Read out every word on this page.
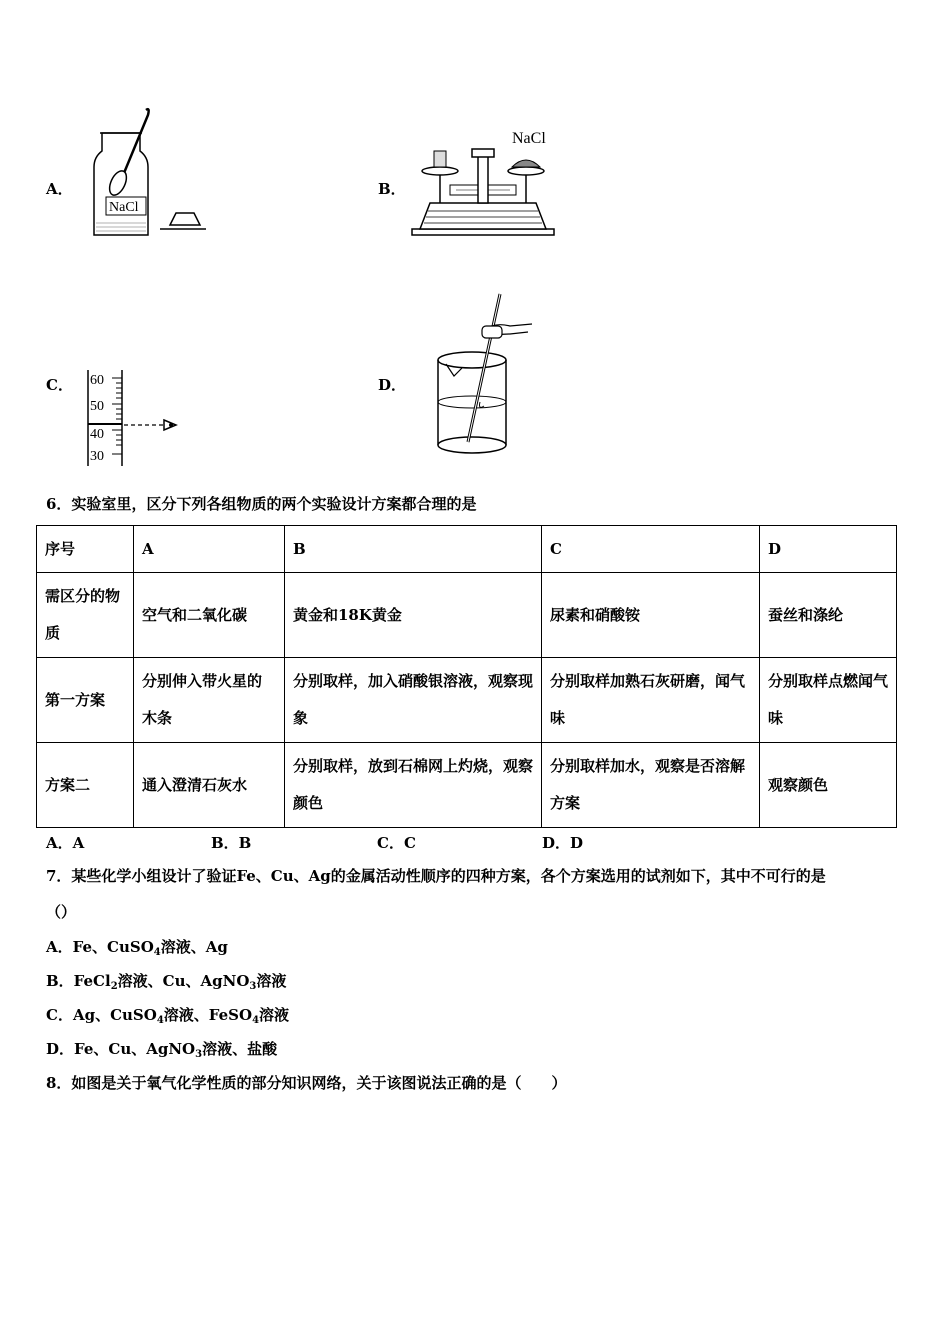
A．
NaCl
B．
NaCl
C． 60
50
40
30
D．
6．实验室里，区分下列各组物质的两个实验设计方案都合理的是
序号	A	B	C	D
需区分的物质	空气和二氧化碳	黄金和18K黄金	尿素和硝酸铵	蚕丝和涤纶
第一方案	分别伸入带火星的木条	分别取样，加入硝酸银溶液，观察现象	分别取样加熟石灰研磨，闻气味	分别取样点燃闻气味
方案二	通入澄清石灰水	分别取样，放到石棉网上灼烧，观察颜色	分别取样加水，观察是否溶解方案	观察颜色
A．A	B．B	C．C	D．D
7．某些化学小组设计了验证Fe、Cu、Ag的金属活动性顺序的四种方案，各个方案选用的试剂如下，其中不可行的是
（）
A．Fe、CuSO$_4$溶液、Ag
B．FeCl$_2$溶液、Cu、AgNO$_3$溶液
C．Ag、CuSO$_4$溶液、FeSO$_4$溶液
D．Fe、Cu、AgNO$_3$溶液、盐酸
8．如图是关于氧气化学性质的部分知识网络，关于该图说法正确的是（　　）
